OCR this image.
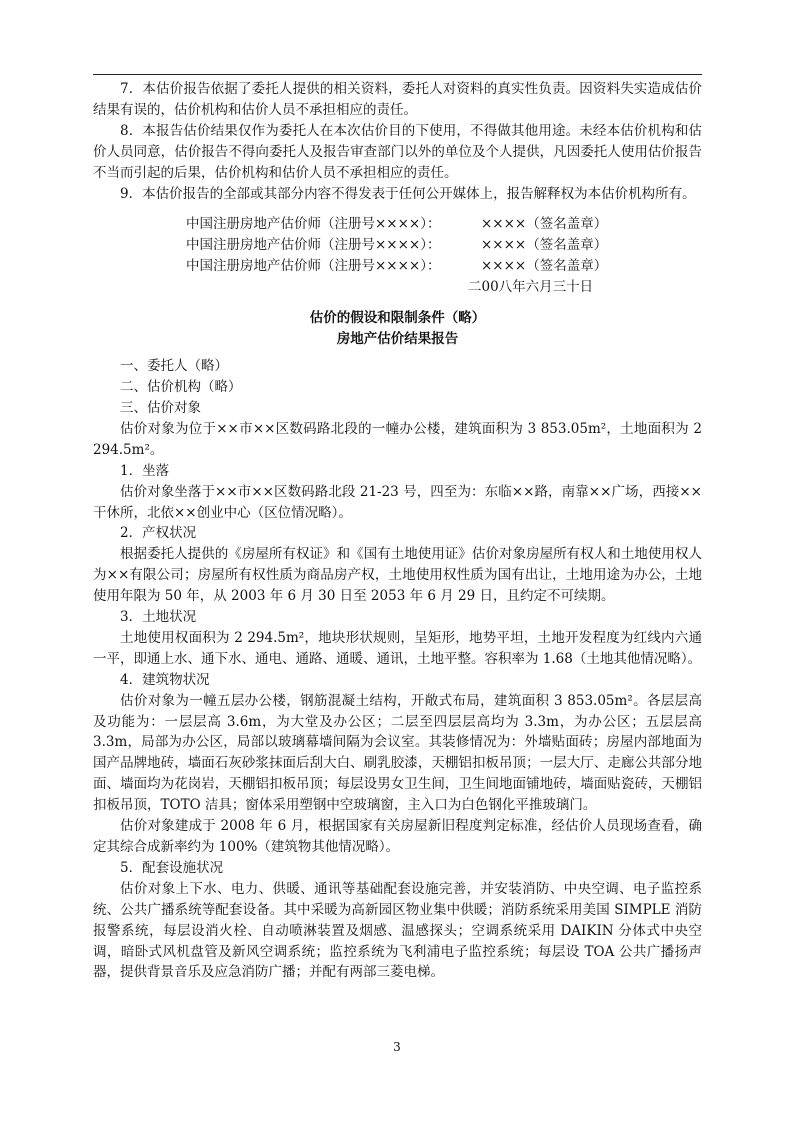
7．本估价报告依据了委托人提供的相关资料，委托人对资料的真实性负责。因资料失实造成估价结果有误的，估价机构和估价人员不承担相应的责任。

8．本报告估价结果仅作为委托人在本次估价目的下使用，不得做其他用途。未经本估价机构和估价人员同意，估价报告不得向委托人及报告审查部门以外的单位及个人提供，凡因委托人使用估价报告不当而引起的后果，估价机构和估价人员不承担相应的责任。

9．本估价报告的全部或其部分内容不得发表于任何公开媒体上，报告解释权为本估价机构所有。

中国注册房地产估价师（注册号××××）：	××××（签名盖章）
中国注册房地产估价师（注册号××××）：	××××（签名盖章）
中国注册房地产估价师（注册号××××）：	××××（签名盖章）

二00八年六月三十日

估价的假设和限制条件（略）

房地产估价结果报告

一、委托人（略）

二、估价机构（略）

三、估价对象

估价对象为位于××市××区数码路北段的一幢办公楼，建筑面积为 3 853.05m²，土地面积为 2 294.5m²。

1．坐落

估价对象坐落于××市××区数码路北段 21-23 号，四至为：东临××路，南靠××广场，西接××干休所，北依××创业中心（区位情况略）。

2．产权状况

根据委托人提供的《房屋所有权证》和《国有土地使用证》估价对象房屋所有权人和土地使用权人为××有限公司；房屋所有权性质为商品房产权，土地使用权性质为国有出让，土地用途为办公，土地使用年限为 50 年，从 2003 年 6 月 30 日至 2053 年 6 月 29 日，且约定不可续期。

3．土地状况

土地使用权面积为 2 294.5m²，地块形状规则，呈矩形，地势平坦，土地开发程度为红线内六通一平，即通上水、通下水、通电、通路、通暖、通讯，土地平整。容积率为 1.68（土地其他情况略）。

4．建筑物状况

估价对象为一幢五层办公楼，钢筋混凝土结构，开敞式布局，建筑面积 3 853.05m²。各层层高及功能为：一层层高 3.6m，为大堂及办公区；二层至四层层高均为 3.3m，为办公区；五层层高 3.3m，局部为办公区，局部以玻璃幕墙间隔为会议室。其装修情况为：外墙贴面砖；房屋内部地面为国产品牌地砖，墙面石灰砂浆抹面后刮大白、刷乳胶漆，天棚铝扣板吊顶；一层大厅、走廊公共部分地面、墙面均为花岗岩，天棚铝扣板吊顶；每层设男女卫生间，卫生间地面铺地砖，墙面贴瓷砖，天棚铝扣板吊顶，TOTO 洁具；窗体采用塑钢中空玻璃窗，主入口为白色钢化平推玻璃门。

估价对象建成于 2008 年 6 月，根据国家有关房屋新旧程度判定标准，经估价人员现场查看，确定其综合成新率约为 100%（建筑物其他情况略）。

5．配套设施状况

估价对象上下水、电力、供暖、通讯等基础配套设施完善，并安装消防、中央空调、电子监控系统、公共广播系统等配套设备。其中采暖为高新园区物业集中供暖；消防系统采用美国 SIMPLE 消防报警系统，每层设消火栓、自动喷淋装置及烟感、温感探头；空调系统采用 DAIKIN 分体式中央空调，暗卧式风机盘管及新风空调系统；监控系统为飞利浦电子监控系统；每层设 TOA 公共广播扬声器，提供背景音乐及应急消防广播；并配有两部三菱电梯。

3
